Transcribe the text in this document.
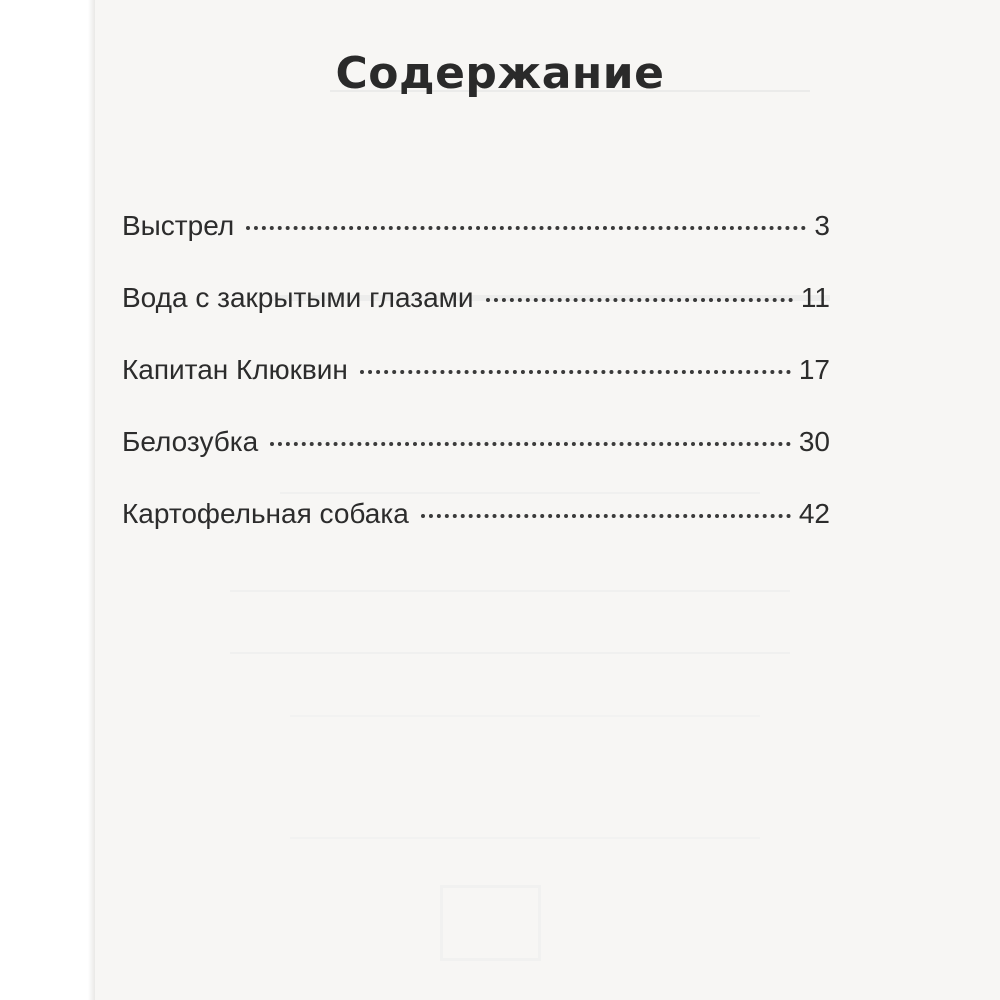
Содержание
Выстрел	3
Вода с закрытыми глазами	11
Капитан Клюквин	17
Белозубка	30
Картофельная собака	42
